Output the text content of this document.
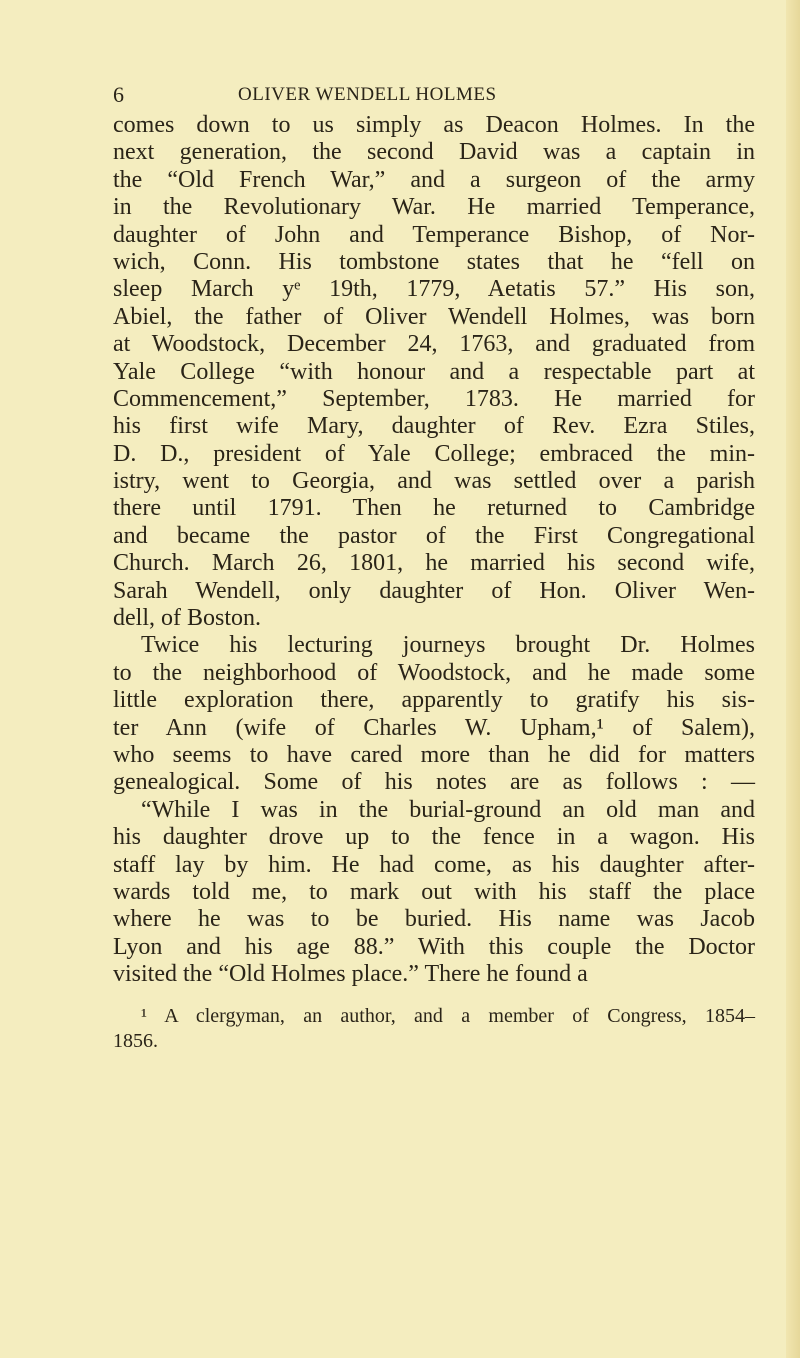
6	OLIVER WENDELL HOLMES
comes down to us simply as Deacon Holmes. In the
next generation, the second David was a captain in
the “Old French War,” and a surgeon of the army
in the Revolutionary War. He married Temperance,
daughter of John and Temperance Bishop, of Nor-
wich, Conn. His tombstone states that he “fell on
sleep March yᵉ 19th, 1779, Aetatis 57.” His son,
Abiel, the father of Oliver Wendell Holmes, was born
at Woodstock, December 24, 1763, and graduated from
Yale College “with honour and a respectable part at
Commencement,” September, 1783. He married for
his first wife Mary, daughter of Rev. Ezra Stiles,
D. D., president of Yale College; embraced the min-
istry, went to Georgia, and was settled over a parish
there until 1791. Then he returned to Cambridge
and became the pastor of the First Congregational
Church. March 26, 1801, he married his second wife,
Sarah Wendell, only daughter of Hon. Oliver Wen-
dell, of Boston.
Twice his lecturing journeys brought Dr. Holmes
to the neighborhood of Woodstock, and he made some
little exploration there, apparently to gratify his sis-
ter Ann (wife of Charles W. Upham,¹ of Salem),
who seems to have cared more than he did for matters
genealogical. Some of his notes are as follows : —
“While I was in the burial-ground an old man and
his daughter drove up to the fence in a wagon. His
staff lay by him. He had come, as his daughter after-
wards told me, to mark out with his staff the place
where he was to be buried. His name was Jacob
Lyon and his age 88.” With this couple the Doctor
visited the “Old Holmes place.” There he found a
¹ A clergyman, an author, and a member of Congress, 1854–
1856.
